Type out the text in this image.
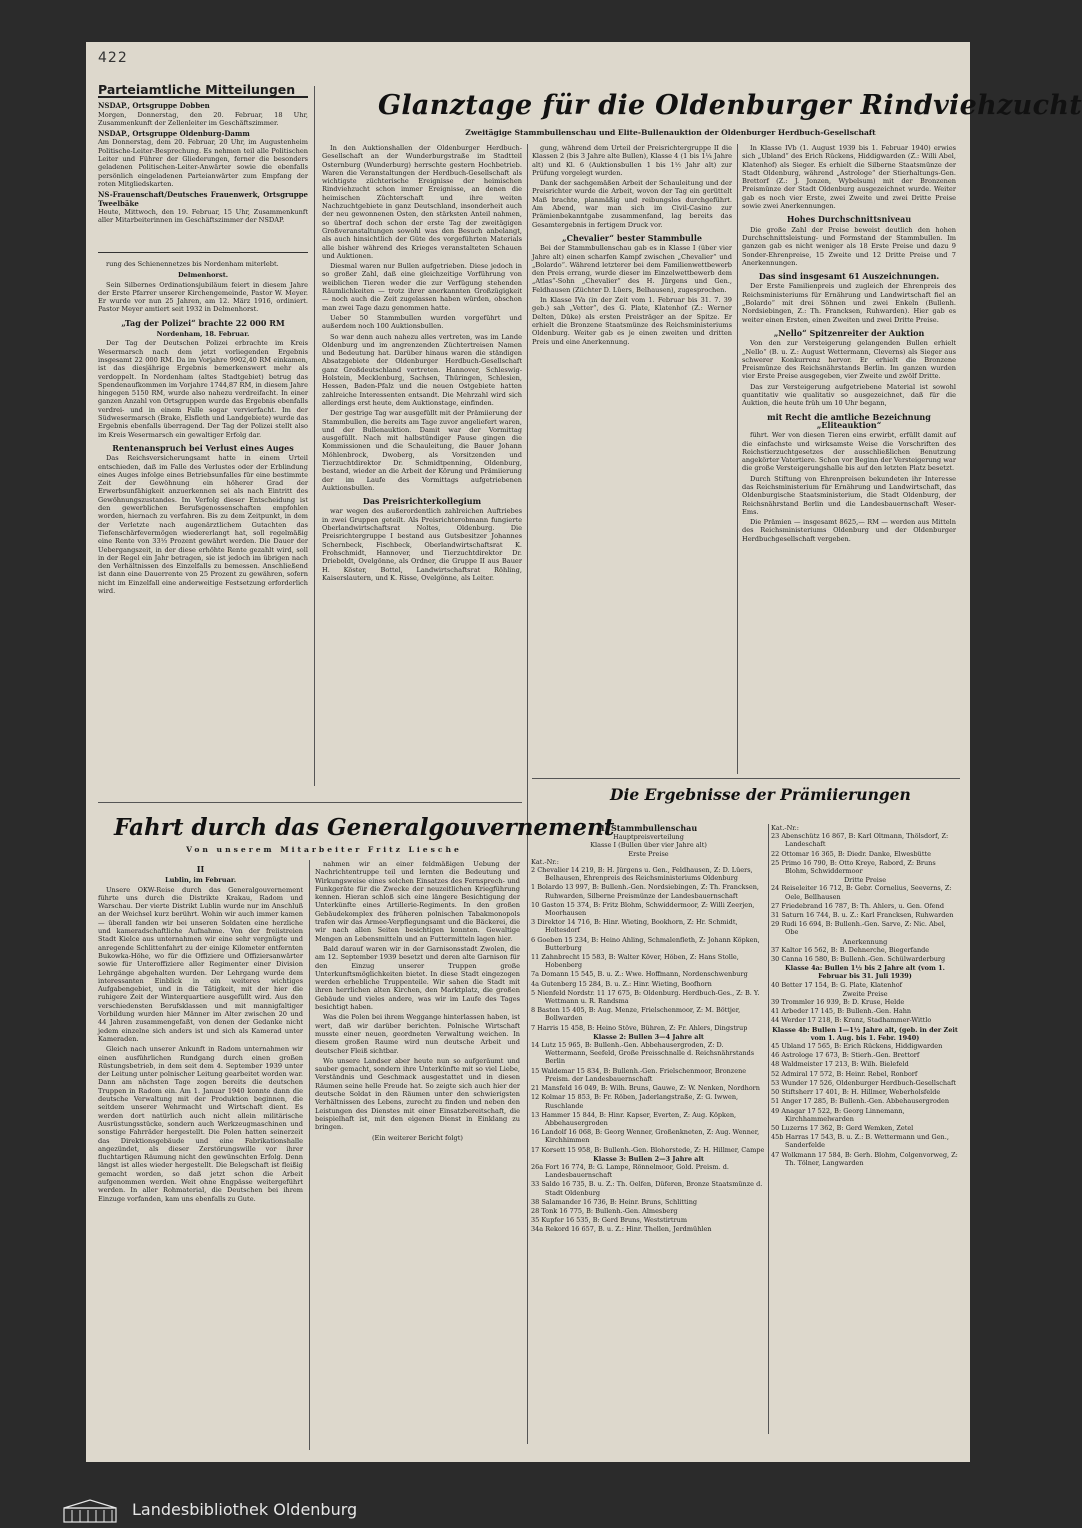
422
Parteiamtliche Mitteilungen
NSDAP., Ortsgruppe Dobben
Morgen, Donnerstag, den 20. Februar, 18 Uhr, Zusammenkunft der Zellenleiter im Geschäftszimmer.
NSDAP., Ortsgruppe Oldenburg-Damm
Am Donnerstag, dem 20. Februar, 20 Uhr, im Augustenheim Politische-Leiter-Besprechung. Es nehmen teil alle Politischen Leiter und Führer der Gliederungen, ferner die besonders geladenen Politischen-Leiter-Anwärter sowie die ebenfalls persönlich eingeladenen Parteianwärter zum Empfang der roten Mitgliedskarten.
NS-Frauenschaft/Deutsches Frauenwerk, Ortsgruppe Tweelbäke
Heute, Mittwoch, den 19. Februar, 15 Uhr, Zusammenkunft aller Mitarbeiterinnen im Geschäftszimmer der NSDAP.

rung des Schienennetzes bis Nordenham miterlebt.

Delmenhorst.

Sein Silbernes Ordinationsjubiläum feiert in diesem Jahre der Erste Pfarrer unserer Kirchengemeinde, Pastor W. Meyer. Er wurde vor nun 25 Jahren, am 12. März 1916, ordiniert. Pastor Meyer amtiert seit 1932 in Delmenhorst.

„Tag der Polizei“ brachte 22 000 RM
Nordenham, 18. Februar.

Der Tag der Deutschen Polizei erbrachte im Kreis Wesermarsch nach dem jetzt vorliegenden Ergebnis insgesamt 22 000 RM. Da im Vorjahre 9902,40 RM einkamen, ist das diesjährige Ergebnis bemerkenswert mehr als verdoppelt. In Nordenham (altes Stadtgebiet) betrug das Spendenaufkommen im Vorjahre 1744,87 RM, in diesem Jahre hingegen 5150 RM, wurde also nahezu verdreifacht. In einer ganzen Anzahl von Ortsgruppen wurde das Ergebnis ebenfalls verdrei- und in einem Falle sogar vervierfacht. Im der Südwesermarsch (Brake, Elsfleth und Landgebiete) wurde das Ergebnis ebenfalls überragend. Der Tag der Polizei stellt also im Kreis Wesermarsch ein gewaltiger Erfolg dar.

Rentenanspruch bei Verlust eines Auges

Das Reichsversicherungsamt hatte in einem Urteil entschieden, daß im Falle des Verlustes oder der Erblindung eines Auges infolge eines Betriebsunfalles für eine bestimmte Zeit der Gewöhnung ein höherer Grad der Erwerbsunfähigkeit anzuerkennen sei als nach Eintritt des Gewöhnungszustandes. Im Verfolg dieser Entscheidung ist den gewerblichen Berufsgenossenschaften empfohlen worden, hiernach zu verfahren. Bis zu dem Zeitpunkt, in dem der Verletzte nach augenärztlichem Gutachten das Tiefenschärfevermögen wiedererlangt hat, soll regelmäßig eine Rente von 33⅓ Prozent gewährt werden. Die Dauer der Uebergangszeit, in der diese erhöhte Rente gezahlt wird, soll in der Regel ein Jahr betragen, sie ist jedoch im übrigen nach den Verhältnissen des Einzelfalls zu bemessen. Anschließend ist dann eine Dauerrente von 25 Prozent zu gewähren, sofern nicht im Einzelfall eine anderweitige Festsetzung erforderlich wird.

Glanztage für die Oldenburger Rindviehzucht
Zweitägige Stammbullenschau und Elite-Bullenauktion der Oldenburger Herdbuch-Gesellschaft

In den Auktionshallen der Oldenburger Herdbuch-Gesellschaft an der Wunderburgstraße im Stadtteil Osternburg (Wunderburg) herrschte gestern Hochbetrieb. Waren die Veranstaltungen der Herdbuch-Gesellschaft als wichtigste züchterische Ereignisse der heimischen Rindviehzucht schon immer Ereignisse, an denen die heimischen Züchterschaft und ihre weiten Nachzuchtgebiete in ganz Deutschland, insonderheit auch der neu gewonnenen Osten, den stärksten Anteil nahmen, so übertraf doch schon der erste Tag der zweitägigen Großveranstaltungen sowohl was den Besuch anbelangt, als auch hinsichtlich der Güte des vorgeführten Materials alle bisher während des Krieges veranstalteten Schauen und Auktionen.

Diesmal waren nur Bullen aufgetrieben. Diese jedoch in so großer Zahl, daß eine gleichzeitige Vorführung von weiblichen Tieren weder die zur Verfügung stehenden Räumlichkeiten — trotz ihrer anerkannten Großzügigkeit — noch auch die Zeit zugelassen haben würden, obschon man zwei Tage dazu genommen hatte.

Ueber 50 Stammbullen wurden vorgeführt und außerdem noch 100 Auktionsbullen.

So war denn auch nahezu alles vertreten, was im Lande Oldenburg und im angrenzenden Züchtertreisen Namen und Bedeutung hat. Darüber hinaus waren die ständigen Absatzgebiete der Oldenburger Herdbuch-Gesellschaft ganz Großdeutschland vertreten. Hannover, Schleswig-Holstein, Mecklenburg, Sachsen, Thüringen, Schlesien, Hessen, Baden-Pfalz und die neuen Ostgebiete hatten zahlreiche Interessenten entsandt. Die Mehrzahl wird sich allerdings erst heute, dem Auktionstage, einfinden.

Der gestrige Tag war ausgefüllt mit der Prämiierung der Stammbullen, die bereits am Tage zuvor angeliefert waren, und der Bullenauktion. Damit war der Vormittag ausgefüllt. Nach mit halbstündiger Pause gingen die Kommissionen und die Schauleitung, die Bauer Johann Möhlenbrock, Dwoberg, als Vorsitzenden und Tierzuchtdirektor Dr. Schmidtpenning, Oldenburg, bestand, wieder an die Arbeit der Körung und Prämiierung der im Laufe des Vormittags aufgetriebenen Auktionsbullen.

Das Preisrichterkollegium

war wegen des außerordentlich zahlreichen Auftriebes in zwei Gruppen geteilt. Als Preisrichterobmann fungierte Oberlandwirtschaftsrat Noltes, Oldenburg. Die Preisrichtergruppe I bestand aus Gutsbesitzer Johannes Schernbeck, Fischbeck, Oberlandwirtschaftsrat K. Frohschmidt, Hannover, und Tierzuchtdirektor Dr. Drieboldt, Ovelgönne, als Ordner, die Gruppe II aus Bauer H. Köster, Bottel, Landwirtschaftsrat Röhling, Kaiserslautern, und K. Risse, Ovelgönne, als Leiter.

gung, während dem Urteil der Preisrichtergruppe II die Klassen 2 (bis 3 Jahre alte Bullen), Klasse 4 (1 bis 1¼ Jahre alt) und Kl. 6 (Auktionsbullen 1 bis 1½ Jahr alt) zur Prüfung vorgelegt wurden.

Dank der sachgemäßen Arbeit der Schauleitung und der Preisrichter wurde die Arbeit, wovon der Tag ein gerüttelt Maß brachte, planmäßig und reibungslos durchgeführt. Am Abend, war man sich im Civil-Casino zur Prämienbekanntgabe zusammenfand, lag bereits das Gesamtergebnis in fertigem Druck vor.

„Chevalier“ bester Stammbulle

Bei der Stammbullenschau gab es in Klasse I (über vier Jahre alt) einen scharfen Kampf zwischen „Chevalier“ und „Bolardo“. Während letzterer bei dem Familienwettbewerb den Preis errang, wurde dieser im Einzelwettbewerb dem „Atlas“-Sohn „Chevalier“ des H. Jürgens und Gen., Feldhausen (Züchter D. Lüers, Belhausen), zugesprochen.

In Klasse IVa (in der Zeit vom 1. Februar bis 31. 7. 39 geb.) sah „Vetter“, des G. Plate, Klatenhof (Z.: Werner Delten, Düke) als ersten Preisträger an der Spitze. Er erhielt die Bronzene Staatsmünze des Reichsministeriums Oldenburg. Weiter gab es je einen zweiten und dritten Preis und eine Anerkennung.

In Klasse IVb (1. August 1939 bis 1. Februar 1940) erwies sich „Ubland“ des Erich Rückens, Hiddigwarden (Z.: Willi Abel, Klatenhof) als Sieger. Es erhielt die Silberne Staatsmünze der Stadt Oldenburg, während „Astrologe“ der Stierhaltungs-Gen. Brettorf (Z.: J. Jonzen, Wybelsum) mit der Bronzenen Preismünze der Stadt Oldenburg ausgezeichnet wurde. Weiter gab es noch vier Erste, zwei Zweite und zwei Dritte Preise sowie zwei Anerkennungen.

Hohes Durchschnittsniveau

Die große Zahl der Preise beweist deutlich den hohen Durchschnittsleistung- und Formstand der Stammbullen. Im ganzen gab es nicht weniger als 18 Erste Preise und dazu 9 Sonder-Ehrenpreise, 15 Zweite und 12 Dritte Preise und 7 Anerkennungen.

Das sind insgesamt 61 Auszeichnungen.

Der Erste Familienpreis und zugleich der Ehrenpreis des Reichsministeriums für Ernährung und Landwirtschaft fiel an „Bolardo“ mit drei Söhnen und zwei Enkeln (Bullenh. Nordsiebingen, Z.: Th. Francksen, Ruhwarden). Hier gab es weiter einen Ersten, einen Zweiten und zwei Dritte Preise.

„Nello“ Spitzenreiter der Auktion

Von den zur Versteigerung gelangenden Bullen erhielt „Nello“ (B. u. Z.: August Wettermann, Cleverns) als Sieger aus schwerer Konkurrenz hervor. Er erhielt die Bronzene Preismünze des Reichsnährstands Berlin. Im ganzen wurden vier Erste Preise ausgegeben, vier Zweite und zwölf Dritte.

Das zur Versteigerung aufgetriebene Material ist sowohl quantitativ wie qualitativ so ausgezeichnet, daß für die Auktion, die heute früh um 10 Uhr begann,

mit Recht die amtliche Bezeichnung „Eliteauktion“

führt. Wer von diesen Tieren eins erwirbt, erfüllt damit auf die einfachste und wirksamste Weise die Vorschriften des Reichstierzuchtgesetzes der ausschließlichen Benutzung angekörter Vatertiere. Schon vor Beginn der Versteigerung war die große Versteigerungshalle bis auf den letzten Platz besetzt.

Durch Stiftung von Ehrenpreisen bekundeten ihr Interesse das Reichsministerium für Ernährung und Landwirtschaft, das Oldenburgische Staatsministerium, die Stadt Oldenburg, der Reichsnährstand Berlin und die Landesbauernschaft Weser-Ems.

Die Prämien — insgesamt 8625,— RM — werden aus Mitteln des Reichsministeriums Oldenburg und der Oldenburger Herdbuchgesellschaft vergeben.

Fahrt durch das Generalgouvernement
Von unserem Mitarbeiter Fritz Liesche
II
Lublin, im Februar.

Unsere OKW-Reise durch das Generalgouvernement führte uns durch die Distrikte Krakau, Radom und Warschau. Der vierte Distrikt Lublin wurde nur im Anschluß an der Weichsel kurz berührt. Wohin wir auch immer kamen — überall fanden wir bei unseren Soldaten eine herzliche und kameradschaftliche Aufnahme. Von der freiistreien Stadt Kielce aus unternahmen wir eine sehr vergnügte und anregende Schlittenfahrt zu der einige Kilometer entfernten Bukowka-Höhe, wo für die Offiziere und Offiziersanwärter sowie für Unteroffiziere aller Regimenter einer Division Lehrgänge abgehalten wurden. Der Lehrgang wurde dem interessanten Einblick in ein weiteres wichtiges Aufgabengebiet, und in die Tätigkeit, mit der hier die ruhigere Zeit der Winterquartiere ausgefüllt wird. Aus den verschiedensten Berufsklassen und mit mannigfaltiger Vorbildung wurden hier Männer im Alter zwischen 20 und 44 Jahren zusammengefaßt, von denen der Gedanke nicht jedem einzelne sich anders ist und sich als Kamerad unter Kameraden.

Gleich nach unserer Ankunft in Radom unternahmen wir einen ausführlichen Rundgang durch einen großen Rüstungsbetrieb, in dem seit dem 4. September 1939 unter der Leitung unter polnischer Leitung gearbeitet worden war. Dann am nächsten Tage zogen bereits die deutschen Truppen in Radom ein. Am 1. Januar 1940 konnte dann die deutsche Verwaltung mit der Produktion beginnen, die seitdem unserer Wehrmacht und Wirtschaft dient. Es werden dort natürlich auch nicht allein militärische Ausrüstungsstücke, sondern auch Werkzeugmaschinen und sonstige Fahrräder hergestellt. Die Polen hatten seinerzeit das Direktionsgebäude und eine Fabrikationshalle angezündet, als dieser Zerstörungswille vor ihrer fluchtartigen Räumung nicht den gewünschten Erfolg. Denn längst ist alles wieder hergestellt. Die Belegschaft ist fleißig gemacht worden, so daß jetzt schon die Arbeit aufgenommen werden. Weit ohne Engpässe weitergeführt werden. In aller Rohmaterial, die Deutschen bei ihrem Einzuge vorfanden, kam uns ebenfalls zu Gute.

nahmen wir an einer feldmäßigen Uebung der Nachrichtentruppe teil und lernten die Bedeutung und Wirkungsweise eines solchen Einsatzes des Fernsprech- und Funkgeräte für die Zwecke der neuzeitlichen Kriegführung kennen. Hieran schloß sich eine längere Besichtigung der Unterkünfte eines Artillerie-Regiments. In den großen Gebäudekomplex des früheren polnischen Tabakmonopols trafen wir das Armee-Verpflegungsamt und die Bäckerei, die wir nach allen Seiten besichtigen konnten. Gewaltige Mengen an Lebensmitteln und an Futtermitteln lagen hier.

Bald darauf waren wir in der Garnisonsstadt Zwolen, die am 12. September 1939 besetzt und deren alte Garnison für den Einzug unserer Truppen große Unterkunftsmöglichkeiten bietet. In diese Stadt eingezogen werden erhebliche Truppenteile. Wir sahen die Stadt mit ihren herrlichen alten Kirchen, den Marktplatz, die großen Gebäude und vieles andere, was wir im Laufe des Tages besichtigt haben.

Was die Polen bei ihrem Weggange hinterlassen haben, ist wert, daß wir darüber berichten. Polnische Wirtschaft musste einer neuen, geordneten Verwaltung weichen. In diesem großen Raume wird nun deutsche Arbeit und deutscher Fleiß sichtbar.

Wo unsere Landser aber heute nun so aufgeräumt und sauber gemacht, sondern ihre Unterkünfte mit so viel Liebe, Verständnis und Geschmack ausgestattet und in diesen Räumen seine helle Freude hat. So zeigte sich auch hier der deutsche Soldat in den Räumen unter den schwierigsten Verhältnissen des Lebens, zurecht zu finden und neben den Leistungen des Dienstes mit einer Einsatzbereitschaft, die beispielhaft ist, mit den eigenen Dienst in Einklang zu bringen.

(Ein weiterer Bericht folgt)
Die Ergebnisse der Prämiierungen
1. Stammbullenschau
Hauptpreisverteilung
Klasse I (Bullen über vier Jahre alt)
Erste Preise
Kat.-Nr.:
2 Chevalier 14 219, B: H. Jürgens u. Gen., Feldhausen, Z: D. Lüers, Belhausen, Ehrenpreis des Reichsministeriums Oldenburg
1 Bolardo 13 997, B: Bullenh.-Gen. Nordsiebingen, Z: Th. Francksen, Ruhwarden, Silberne Preismünze der Landesbauernschaft
10 Gaston 15 374, B: Fritz Blohm, Schwiddermoor, Z: Willi Zeerjen, Moorhausen
3 Direktor 14 716, B: Hinr. Wieting, Bookhorn, Z: Hr. Schmidt, Holtesdorf
6 Goeben 15 234, B: Heino Ahling, Schmalenfleth, Z: Johann Köpken, Butterburg
11 Zahnbrecht 15 583, B: Walter Köver, Höben, Z: Hans Stolle, Hobenberg
7a Domann 15 545, B. u. Z.: Wwe. Hoffmann, Nordenschwenburg
4a Gutenberg 15 284, B. u. Z.: Hinr. Wieting, Boofhorn
5 Nienfeld Nordstr. 11 17 675, B: Oldenburg. Herdbuch-Ges., Z: B. Y. Wettmann u. R. Randsma
8 Basten 15 405, B: Aug. Menze, Frielschenmoor, Z: M. Böttjer, Bollwarden
7 Harris 15 458, B: Heino Stöve, Bühren, Z: Fr. Ahlers, Dingstrup
Klasse 2: Bullen 3—4 Jahre alt
14 Lutz 15 965, B: Bullenh.-Gen. Abbehausergroden, Z: D. Wettermann, Seefeld, Große Preisschnalle d. Reichsnährstands Berlin
15 Waldemar 15 834, B: Bullenh.-Gen. Frielschenmoor, Bronzene Preism. der Landesbauernschaft
21 Mansfeld 16 049, B: Wilh. Bruns, Gauwe, Z: W. Nenken, Nordhorn
12 Kolmar 15 853, B: Fr. Röben, Jaderlangstraße, Z: G. Iwwen, Ruschlande
13 Hammer 15 844, B: Hinr. Kapser, Everten, Z: Aug. Köpken, Abbehausergroden
16 Landolf 16 068, B: Georg Wenner, Großenkneten, Z: Aug. Wenner, Kirchhimmen
17 Korsett 15 958, B: Bullenh.-Gen. Blohorstede, Z: H. Hillmer, Campe
Klasse 3: Bullen 2—3 Jahre alt
26a Fort 16 774, B: G. Lampe, Rönnelmoor, Gold. Preism. d. Landesbauernschaft
33 Saldo 16 735, B. u. Z.: Th. Oelfen, Düferen, Bronze Staatsmünze d. Stadt Oldenburg
38 Salamander 16 736, B: Heinr. Bruns, Schlitting
28 Tonk 16 775, B: Bullenh.-Gen. Almesberg
35 Kupfer 16 535, B: Gerd Bruns, Weststirtrum
34a Rekord 16 657, B. u. Z.: Hinr. Thellen, Jerdmühlen
Kat.-Nr.:
23 Abenschütz 16 867, B: Karl Oltmann, Thölsdorf, Z: Landeschaft
22 Ottomar 16 365, B: Diedr. Danke, Elwesbütte
25 Primo 16 790, B: Otto Kreye, Rabord, Z: Bruns Blohm, Schwiddermoor
Dritte Preise
24 Reiseleiter 16 712, B: Gebr. Cornelius, Seeverns, Z: Oele, Bellhausen
27 Friedebrand 16 787, B: Th. Ahlers, u. Gen. Ofend
31 Saturn 16 744, B. u. Z.: Karl Francksen, Ruhwarden
29 Rudi 16 694, B: Bullenh.-Gen. Sarve, Z: Nic. Abel, Obe
Anerkennung
37 Kaltor 16 562, B: B. Dehnerche, Biegerfande
30 Canna 16 580, B: Bullenh.-Gen. Schülwarderburg
Klasse 4a: Bullen 1½ bis 2 Jahre alt (vom 1. Februar bis 31. Juli 1939)
40 Better 17 154, B: G. Plate, Klatenhof
Zweite Preise
39 Trommler 16 939, B: D. Kruse, Helde
41 Arbeder 17 145, B: Bullenh.-Gen. Hahn
44 Werder 17 218, B: Kranz, Stadhammer-Wittlo
Klasse 4b: Bullen 1—1½ Jahre alt, (geb. in der Zeit vom 1. Aug. bis 1. Febr. 1940)
45 Ubland 17 565, B: Erich Rückens, Hiddigwarden
46 Astrologe 17 673, B: Stierh.-Gen. Brettorf
48 Waldmeister 17 213, B: Wilh. Bielefeld
52 Admiral 17 572, B: Heinr. Rebel, Ronborf
53 Wunder 17 526, Oldenburger Herdbuch-Gesellschaft
50 Stiftsherr 17 401, B: H. Hillmer, Weberholsfelde
51 Anger 17 285, B: Bullenh.-Gen. Abbehausergroden
49 Anagar 17 522, B: Georg Linnemann, Kirchhammelwarden
50 Luzerns 17 362, B: Gerd Wemken, Zetel
45b Harras 17 543, B. u. Z.: B. Wettermann und Gen., Sanderfelde
47 Wolkmann 17 584, B: Gerh. Blohm, Colgenvorweg, Z: Th. Tölner, Langwarden
Landesbibliothek Oldenburg
